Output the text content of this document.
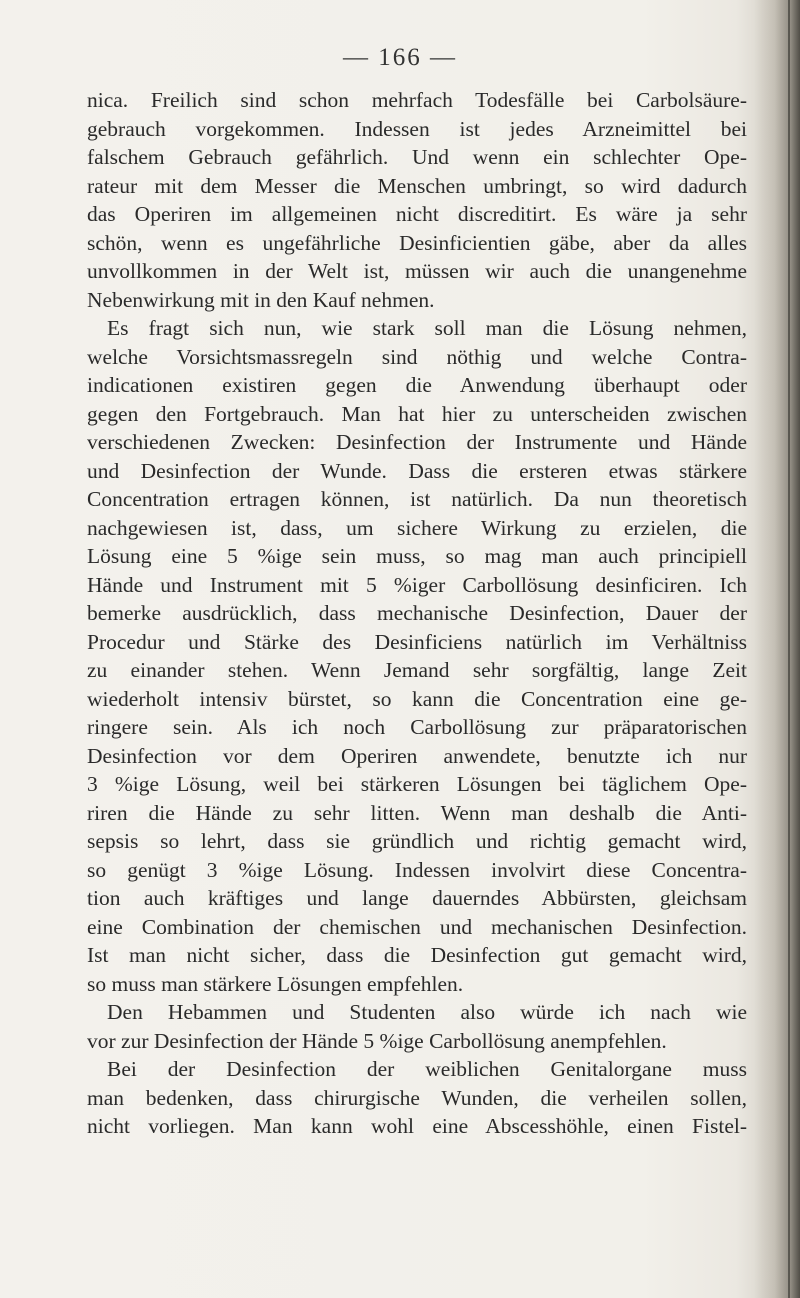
— 166 —
nica. Freilich sind schon mehrfach Todesfälle bei Carbolsäure-
gebrauch vorgekommen. Indessen ist jedes Arzneimittel bei
falschem Gebrauch gefährlich. Und wenn ein schlechter Ope-
rateur mit dem Messer die Menschen umbringt, so wird dadurch
das Operiren im allgemeinen nicht discreditirt. Es wäre ja sehr
schön, wenn es ungefährliche Desinficientien gäbe, aber da alles
unvollkommen in der Welt ist, müssen wir auch die unangenehme
Nebenwirkung mit in den Kauf nehmen.
Es fragt sich nun, wie stark soll man die Lösung nehmen,
welche Vorsichtsmassregeln sind nöthig und welche Contra-
indicationen existiren gegen die Anwendung überhaupt oder
gegen den Fortgebrauch. Man hat hier zu unterscheiden zwischen
verschiedenen Zwecken: Desinfection der Instrumente und Hände
und Desinfection der Wunde. Dass die ersteren etwas stärkere
Concentration ertragen können, ist natürlich. Da nun theoretisch
nachgewiesen ist, dass, um sichere Wirkung zu erzielen, die
Lösung eine 5 %ige sein muss, so mag man auch principiell
Hände und Instrument mit 5 %iger Carbollösung desinficiren. Ich
bemerke ausdrücklich, dass mechanische Desinfection, Dauer der
Procedur und Stärke des Desinficiens natürlich im Verhältniss
zu einander stehen. Wenn Jemand sehr sorgfältig, lange Zeit
wiederholt intensiv bürstet, so kann die Concentration eine ge-
ringere sein. Als ich noch Carbollösung zur präparatorischen
Desinfection vor dem Operiren anwendete, benutzte ich nur
3 %ige Lösung, weil bei stärkeren Lösungen bei täglichem Ope-
riren die Hände zu sehr litten. Wenn man deshalb die Anti-
sepsis so lehrt, dass sie gründlich und richtig gemacht wird,
so genügt 3 %ige Lösung. Indessen involvirt diese Concentra-
tion auch kräftiges und lange dauerndes Abbürsten, gleichsam
eine Combination der chemischen und mechanischen Desinfection.
Ist man nicht sicher, dass die Desinfection gut gemacht wird,
so muss man stärkere Lösungen empfehlen.
Den Hebammen und Studenten also würde ich nach wie
vor zur Desinfection der Hände 5 %ige Carbollösung anempfehlen.
Bei der Desinfection der weiblichen Genitalorgane muss
man bedenken, dass chirurgische Wunden, die verheilen sollen,
nicht vorliegen. Man kann wohl eine Abscesshöhle, einen Fistel-
